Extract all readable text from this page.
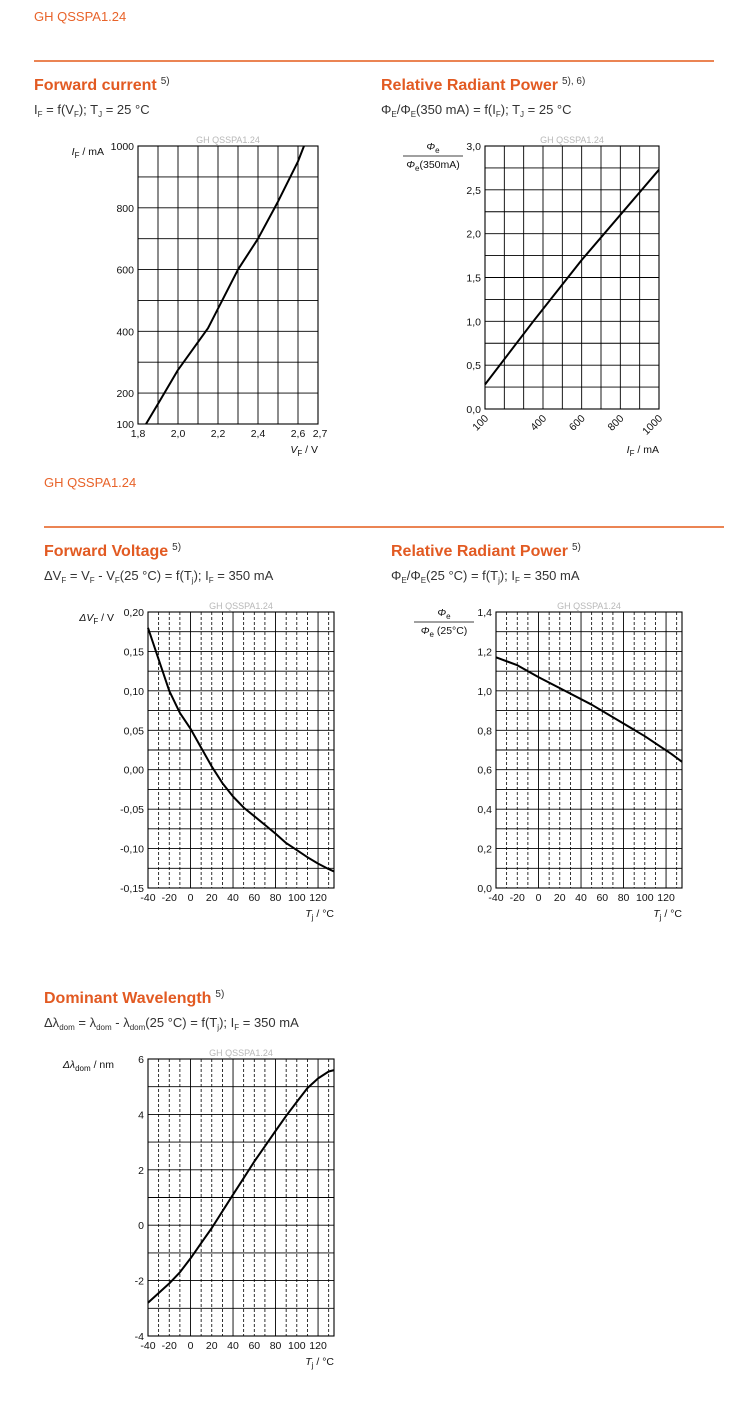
GH QSSPA1.24
Forward current $^{5)}$
$I_F = f(V_F)$; $T_J = 25$ °C
Relative Radiant Power $^{5), 6)}$
$\Phi_E/\Phi_E(350$ $mA) = f(I_F)$; $T_J = 25$ °C
GH QSSPA1.24
100
200
400
600
800
1000
1,8 2,0 2,2 2,4 2,6 2,7
$V_F$ / V
$I_F$ / mA
GH QSSPA1.24
0,0
0,5
1,0
1,5
2,0
2,5
3,0
100	400 600 800 1000
$I_F$ / mA
$\Phi_e$
$\Phi_e(350mA)$
GH QSSPA1.24
Forward Voltage $^{5)}$
$\Delta V_F = V_F - V_F(25$ $^\circ C) = f(T_j)$; $I_F = 350$ mA
Relative Radiant Power $^{5)}$
$\Phi_E/\Phi_E(25$ $^\circ C) = f(T_j)$; $I_F = 350$ mA
GH QSSPA1.24
-0,15
-0,10
-0,05
0,00
0,05
0,10
0,15
0,20
-40 -20 0 20 40 60 80 100 120
$T_j / ^\circ C$
$\Delta V_F$ / V
GH QSSPA1.24
0,0
0,2
0,4
0,6
0,8
1,0
1,2
1,4
-40 -20 0 20 40 60 80 100 120
$T_j / ^\circ C$
$\Phi_e$
$\Phi_e$ (25°C)
Dominant Wavelength $^{5)}$
$\Delta\lambda_{dom} = \lambda_{dom} - \lambda_{dom}(25$ $^\circ C) = f(T_j)$; $I_F = 350$ mA
GH QSSPA1.24
-4
-2
0
2
4
6
-40 -20 0 20 40 60 80 100 120
$T_j / ^\circ C$
$\Delta\lambda_{dom}$ / nm
